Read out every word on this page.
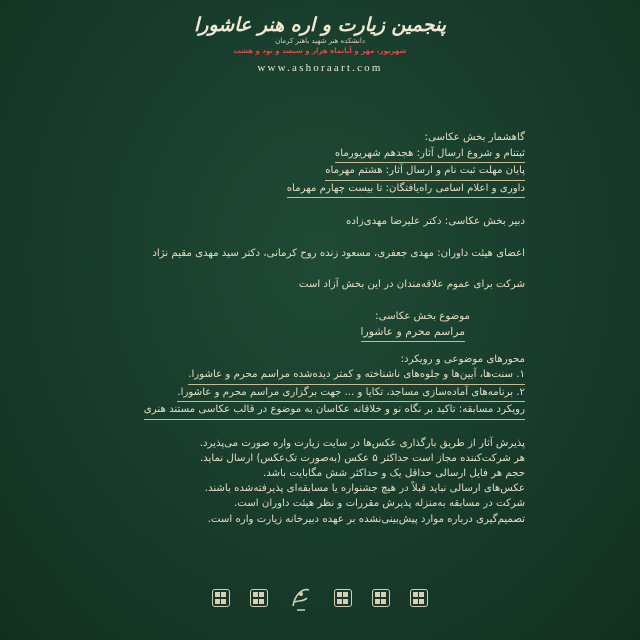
پنجمین زیارت و اره هنر عاشورا
دانشکده هنر شهید باهنر کرمان
شهریور، مهر و آبانماه هزار و سیصد و نود و هشت
www.ashoraart.com

گاهشمار بخش عکاسی:

ثبتنام و شروع ارسال آثار: هجدهم شهریورماه

پایان مهلت ثبت نام و ارسال آثار: هشتم مهرماه

داوری و اعلام اسامی راه‌یافتگان: تا بیست چهارم مهرماه

دبیر بخش عکاسی: دکتر علیرضا مهدی‌زاده

اعضای هیئت داوران: مهدی جعفری، مسعود زنده روح کرمانی، دکتر سید مهدی مقیم نژاد

شرکت برای عموم علاقه‌مندان در این بخش آزاد است

موضوع بخش عکاسی:

مراسم محرم و عاشورا

محورهای موضوعی و رویکرد:

۱. سنت‌ها، آیین‌ها و جلوه‌های ناشناخته و کمتر دیده‌شده مراسم محرم و عاشورا.

۲. برنامه‌های آماده‌سازی مساجد، تکایا و ... جهت برگزاری مراسم محرم و عاشورا.

رویکرد مسابقه: تاکید بر نگاه نو و خلاقانه عکاسان به موضوع در قالب عکاسی مستند هنری

پذیرش آثار از طریق بارگذاری عکس‌ها در سایت زیارت واره صورت می‌پذیرد.

هر شرکت‌کننده مجاز است حداکثر ۵ عکس (به‌صورت تک‌عکس) ارسال نماید.

حجم هر فایل ارسالی حداقل یک و حداکثر شش مگابایت باشد.

عکس‌های ارسالی نباید قبلاً در هیچ جشنواره یا مسابقه‌ای پذیرفته‌شده باشند.

شرکت در مسابقه به‌منزله پذیرش مقررات و نظر هیئت داوران است.

تصمیم‌گیری درباره موارد پیش‌بینی‌نشده بر عهده دبیرخانه زیارت واره است.
